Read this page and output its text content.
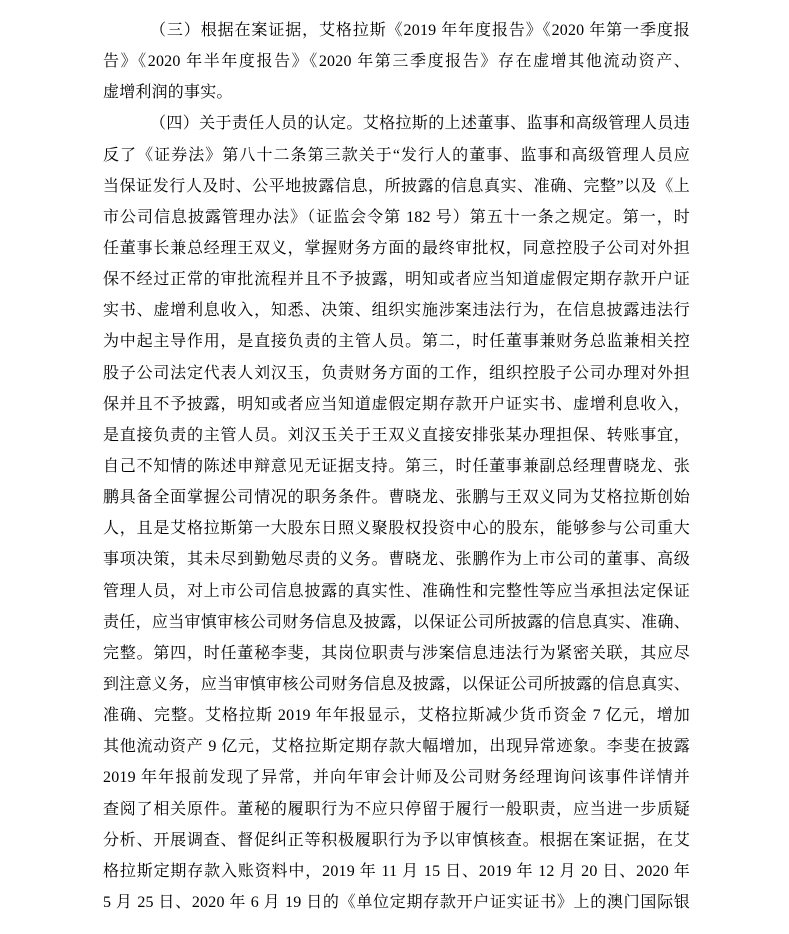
（三）根据在案证据，艾格拉斯《2019 年年度报告》《2020 年第一季度报
告》《2020 年半年度报告》《2020 年第三季度报告》存在虚增其他流动资产、
虚增利润的事实。
（四）关于责任人员的认定。艾格拉斯的上述董事、监事和高级管理人员违
反了《证券法》第八十二条第三款关于“发行人的董事、监事和高级管理人员应
当保证发行人及时、公平地披露信息，所披露的信息真实、准确、完整”以及《上
市公司信息披露管理办法》（证监会令第 182 号）第五十一条之规定。第一，时
任董事长兼总经理王双义，掌握财务方面的最终审批权，同意控股子公司对外担
保不经过正常的审批流程并且不予披露，明知或者应当知道虚假定期存款开户证
实书、虚增利息收入，知悉、决策、组织实施涉案违法行为，在信息披露违法行
为中起主导作用，是直接负责的主管人员。第二，时任董事兼财务总监兼相关控
股子公司法定代表人刘汉玉，负责财务方面的工作，组织控股子公司办理对外担
保并且不予披露，明知或者应当知道虚假定期存款开户证实书、虚增利息收入，
是直接负责的主管人员。刘汉玉关于王双义直接安排张某办理担保、转账事宜，
自己不知情的陈述申辩意见无证据支持。第三，时任董事兼副总经理曹晓龙、张
鹏具备全面掌握公司情况的职务条件。曹晓龙、张鹏与王双义同为艾格拉斯创始
人，且是艾格拉斯第一大股东日照义聚股权投资中心的股东，能够参与公司重大
事项决策，其未尽到勤勉尽责的义务。曹晓龙、张鹏作为上市公司的董事、高级
管理人员，对上市公司信息披露的真实性、准确性和完整性等应当承担法定保证
责任，应当审慎审核公司财务信息及披露，以保证公司所披露的信息真实、准确、
完整。第四，时任董秘李斐，其岗位职责与涉案信息违法行为紧密关联，其应尽
到注意义务，应当审慎审核公司财务信息及披露，以保证公司所披露的信息真实、
准确、完整。艾格拉斯 2019 年年报显示，艾格拉斯减少货币资金 7 亿元，增加
其他流动资产 9 亿元，艾格拉斯定期存款大幅增加，出现异常迹象。李斐在披露
2019 年年报前发现了异常，并向年审会计师及公司财务经理询问该事件详情并
查阅了相关原件。董秘的履职行为不应只停留于履行一般职责，应当进一步质疑
分析、开展调查、督促纠正等积极履职行为予以审慎核查。根据在案证据，在艾
格拉斯定期存款入账资料中，2019 年 11 月 15 日、2019 年 12 月 20 日、2020 年
5 月 25 日、2020 年 6 月 19 日的《单位定期存款开户证实证书》上的澳门国际银
